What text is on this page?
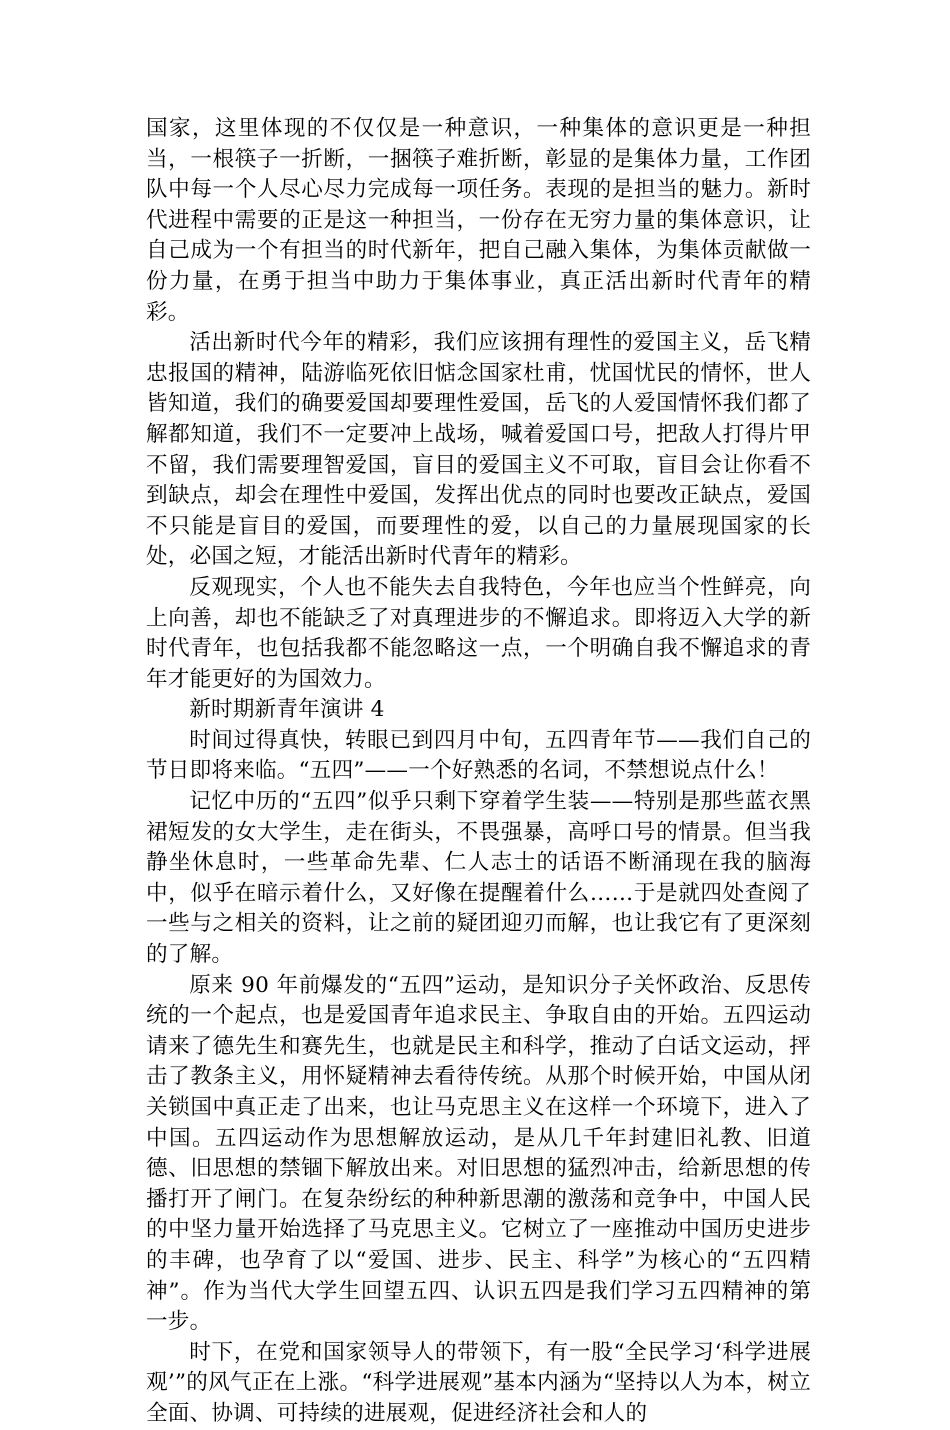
国家，这里体现的不仅仅是一种意识，一种集体的意识更是一种担当，一根筷子一折断，一捆筷子难折断，彰显的是集体力量，工作团队中每一个人尽心尽力完成每一项任务。表现的是担当的魅力。新时代进程中需要的正是这一种担当，一份存在无穷力量的集体意识，让自己成为一个有担当的时代新年，把自己融入集体，为集体贡献做一份力量，在勇于担当中助力于集体事业，真正活出新时代青年的精彩。

活出新时代今年的精彩，我们应该拥有理性的爱国主义，岳飞精忠报国的精神，陆游临死依旧惦念国家杜甫，忧国忧民的情怀，世人皆知道，我们的确要爱国却要理性爱国，岳飞的人爱国情怀我们都了解都知道，我们不一定要冲上战场，喊着爱国口号，把敌人打得片甲不留，我们需要理智爱国，盲目的爱国主义不可取，盲目会让你看不到缺点，却会在理性中爱国，发挥出优点的同时也要改正缺点，爱国不只能是盲目的爱国，而要理性的爱，以自己的力量展现国家的长处，必国之短，才能活出新时代青年的精彩。

反观现实，个人也不能失去自我特色，今年也应当个性鲜亮，向上向善，却也不能缺乏了对真理进步的不懈追求。即将迈入大学的新时代青年，也包括我都不能忽略这一点，一个明确自我不懈追求的青年才能更好的为国效力。

新时期新青年演讲 4

时间过得真快，转眼已到四月中旬，五四青年节——我们自己的节日即将来临。“五四”——一个好熟悉的名词，不禁想说点什么！

记忆中历的“五四”似乎只剩下穿着学生装——特别是那些蓝衣黑裙短发的女大学生，走在街头，不畏强暴，高呼口号的情景。但当我静坐休息时，一些革命先辈、仁人志士的话语不断涌现在我的脑海中，似乎在暗示着什么，又好像在提醒着什么……于是就四处查阅了一些与之相关的资料，让之前的疑团迎刃而解，也让我它有了更深刻的了解。

原来 90 年前爆发的“五四”运动，是知识分子关怀政治、反思传统的一个起点，也是爱国青年追求民主、争取自由的开始。五四运动请来了德先生和赛先生，也就是民主和科学，推动了白话文运动，抨击了教条主义，用怀疑精神去看待传统。从那个时候开始，中国从闭关锁国中真正走了出来，也让马克思主义在这样一个环境下，进入了中国。五四运动作为思想解放运动，是从几千年封建旧礼教、旧道德、旧思想的禁锢下解放出来。对旧思想的猛烈冲击，给新思想的传播打开了闸门。在复杂纷纭的种种新思潮的激荡和竞争中，中国人民的中坚力量开始选择了马克思主义。它树立了一座推动中国历史进步的丰碑，也孕育了以“爱国、进步、民主、科学”为核心的“五四精神”。作为当代大学生回望五四、认识五四是我们学习五四精神的第一步。

时下，在党和国家领导人的带领下，有一股“全民学习‘科学进展观’”的风气正在上涨。“科学进展观”基本内涵为“坚持以人为本，树立全面、协调、可持续的进展观，促进经济社会和人的
